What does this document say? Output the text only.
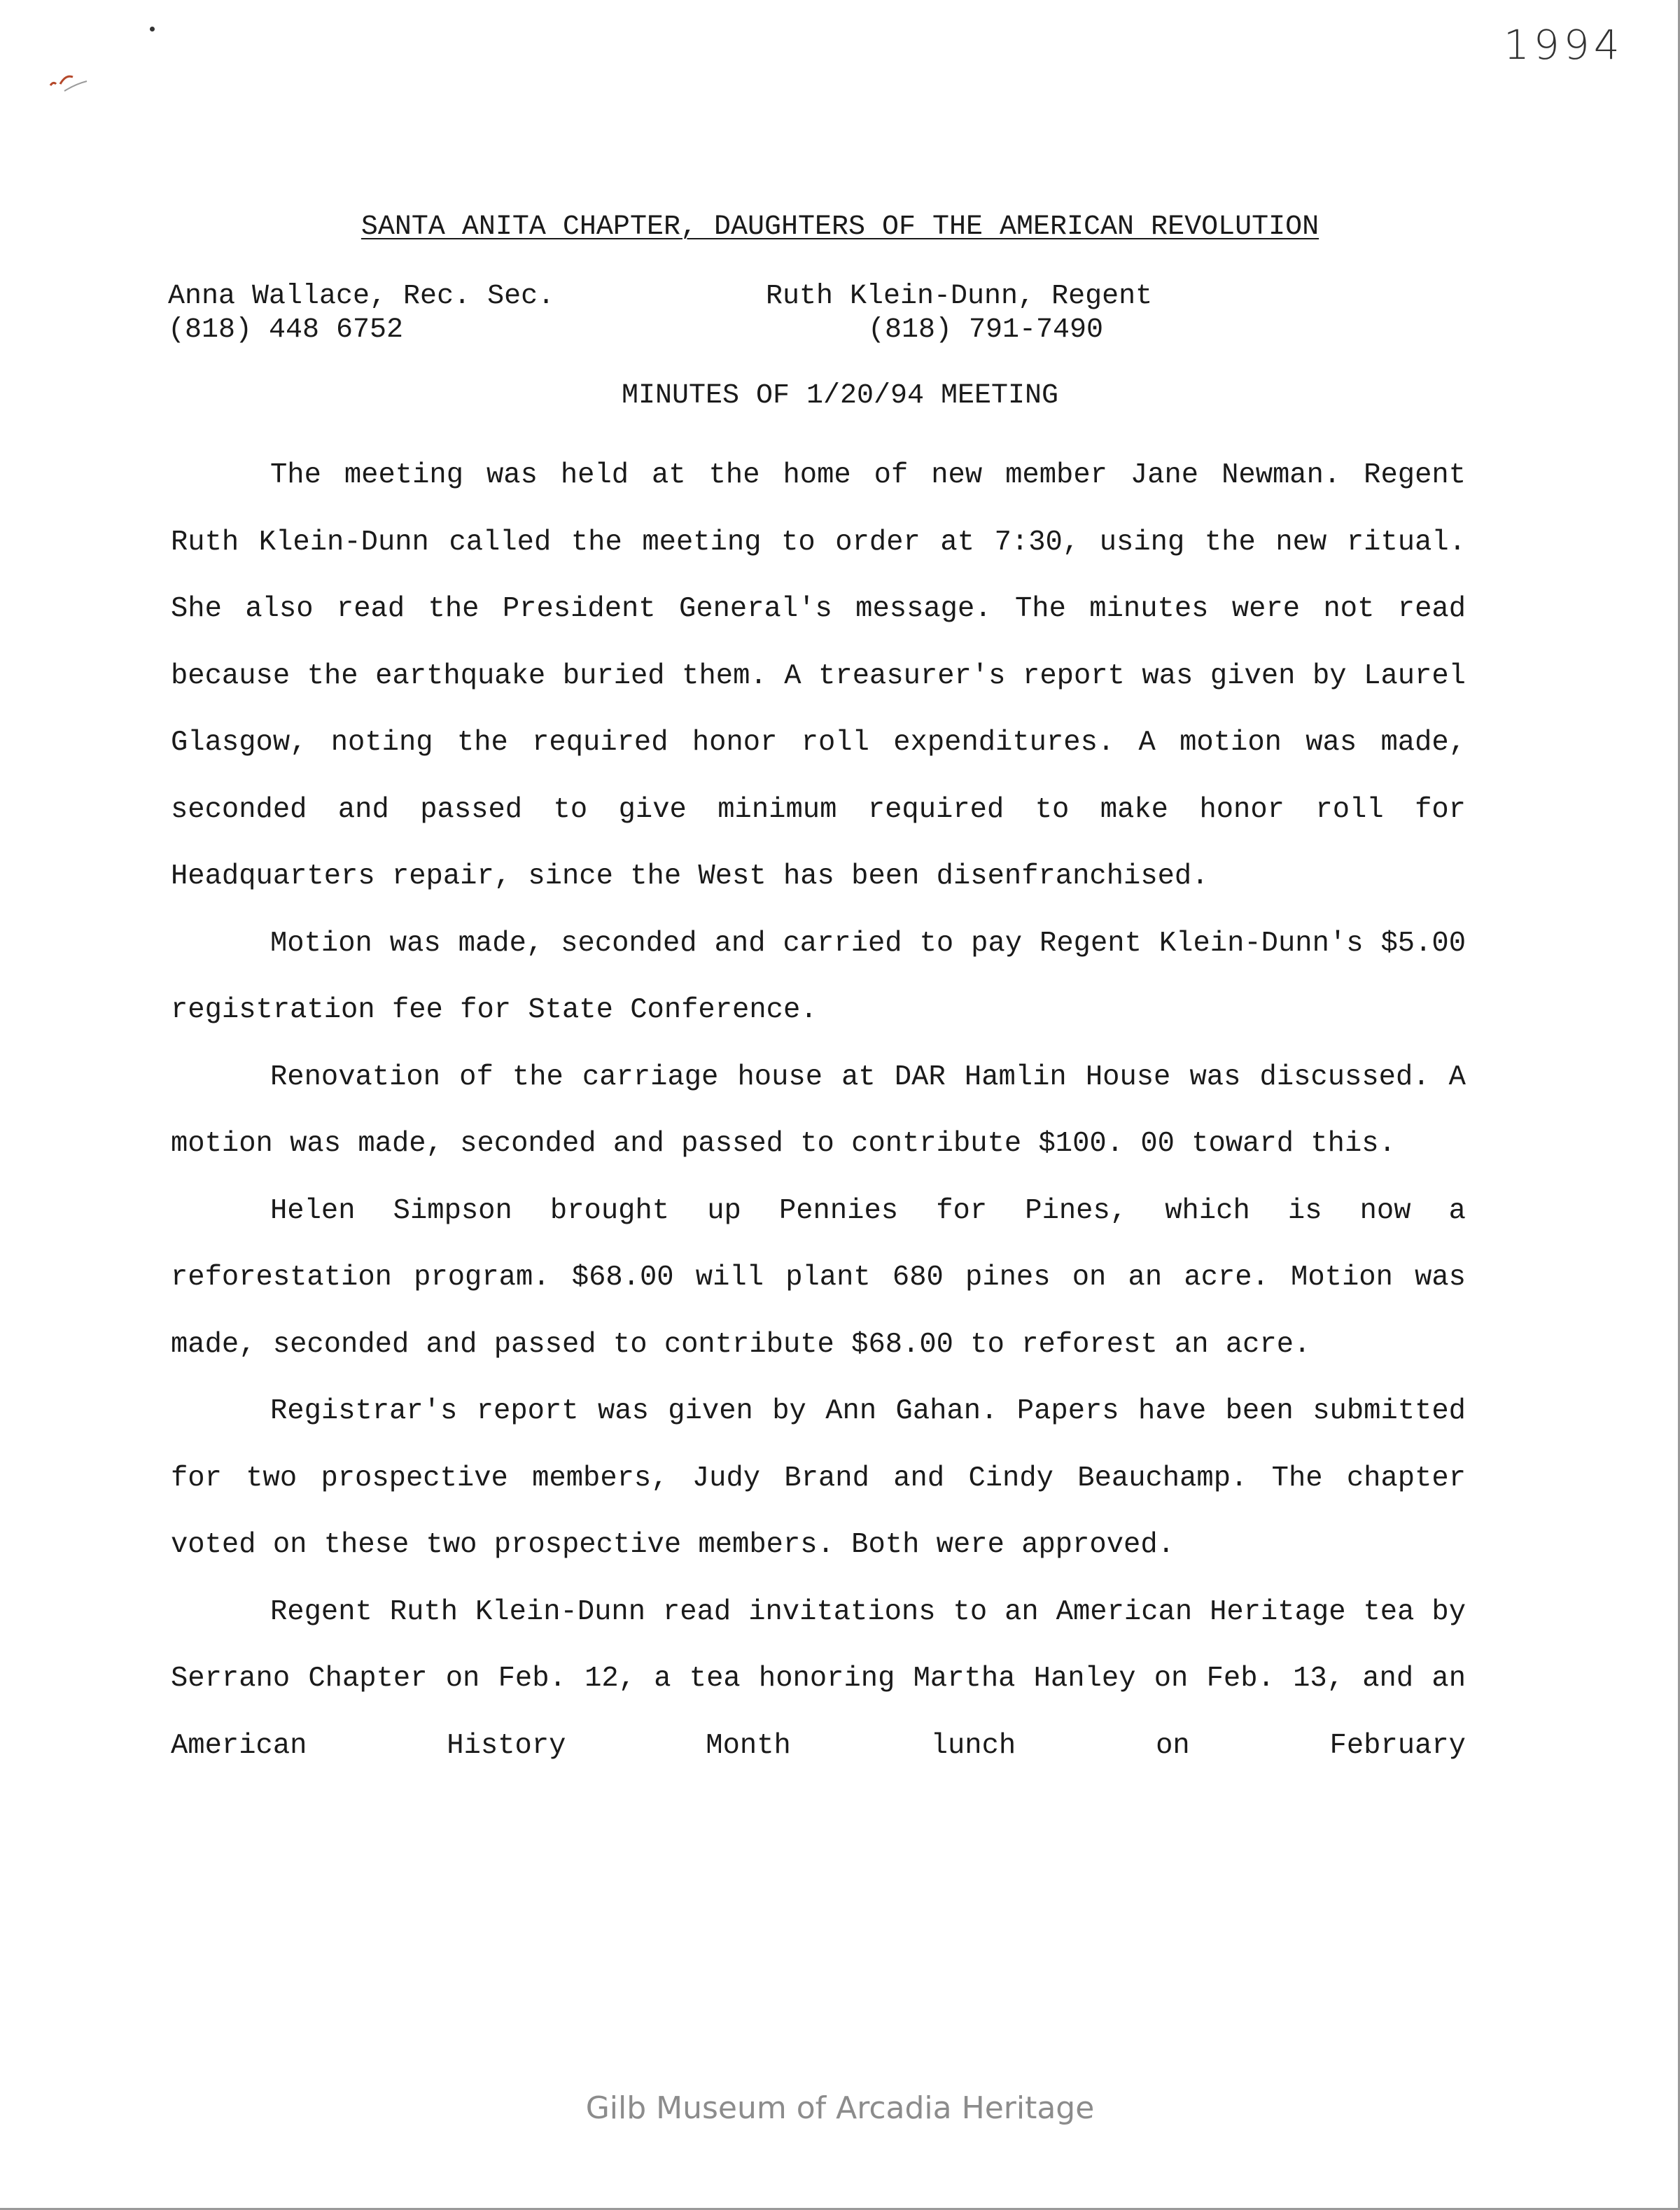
1994
SANTA ANITA CHAPTER, DAUGHTERS OF THE AMERICAN REVOLUTION
Anna Wallace, Rec. Sec.
(818) 448 6752
Ruth Klein-Dunn, Regent
(818) 791-7490
MINUTES OF 1/20/94 MEETING

The meeting was held at the home of new member Jane Newman. Regent Ruth Klein-Dunn called the meeting to order at 7:30, using the new ritual. She also read the President General's message. The minutes were not read because the earthquake buried them. A treasurer's report was given by Laurel Glasgow, noting the required honor roll expenditures. A motion was made, seconded and passed to give minimum required to make honor roll for Headquarters repair, since the West has been disenfranchised.

Motion was made, seconded and carried to pay Regent Klein-Dunn's $5.00 registration fee for State Conference.

Renovation of the carriage house at DAR Hamlin House was discussed. A motion was made, seconded and passed to contribute $100. 00 toward this.

Helen Simpson brought up Pennies for Pines, which is now a reforestation program. $68.00 will plant 680 pines on an acre. Motion was made, seconded and passed to contribute $68.00 to reforest an acre.

Registrar's report was given by Ann Gahan. Papers have been submitted for two prospective members, Judy Brand and Cindy Beauchamp. The chapter voted on these two prospective members. Both were approved.

Regent Ruth Klein-Dunn read invitations to an American Heritage tea by Serrano Chapter on Feb. 12, a tea honoring Martha Hanley on Feb. 13, and an American History Month lunch on February

Gilb Museum of Arcadia Heritage
